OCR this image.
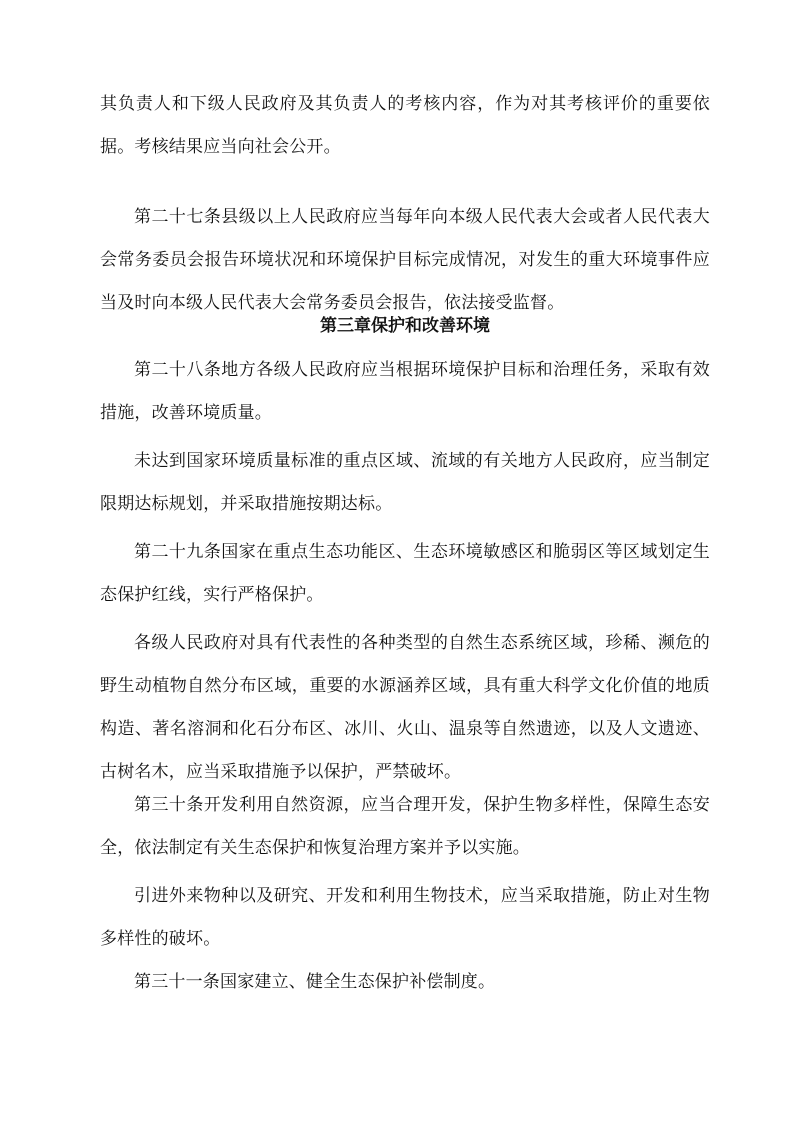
其负责人和下级人民政府及其负责人的考核内容，作为对其考核评价的重要依据。考核结果应当向社会公开。

第二十七条县级以上人民政府应当每年向本级人民代表大会或者人民代表大会常务委员会报告环境状况和环境保护目标完成情况，对发生的重大环境事件应当及时向本级人民代表大会常务委员会报告，依法接受监督。

第三章保护和改善环境

第二十八条地方各级人民政府应当根据环境保护目标和治理任务，采取有效措施，改善环境质量。

未达到国家环境质量标准的重点区域、流域的有关地方人民政府，应当制定限期达标规划，并采取措施按期达标。

第二十九条国家在重点生态功能区、生态环境敏感区和脆弱区等区域划定生态保护红线，实行严格保护。

各级人民政府对具有代表性的各种类型的自然生态系统区域，珍稀、濒危的野生动植物自然分布区域，重要的水源涵养区域，具有重大科学文化价值的地质构造、著名溶洞和化石分布区、冰川、火山、温泉等自然遗迹，以及人文遗迹、古树名木，应当采取措施予以保护，严禁破坏。

第三十条开发利用自然资源，应当合理开发，保护生物多样性，保障生态安全，依法制定有关生态保护和恢复治理方案并予以实施。

引进外来物种以及研究、开发和利用生物技术，应当采取措施，防止对生物多样性的破坏。

第三十一条国家建立、健全生态保护补偿制度。
